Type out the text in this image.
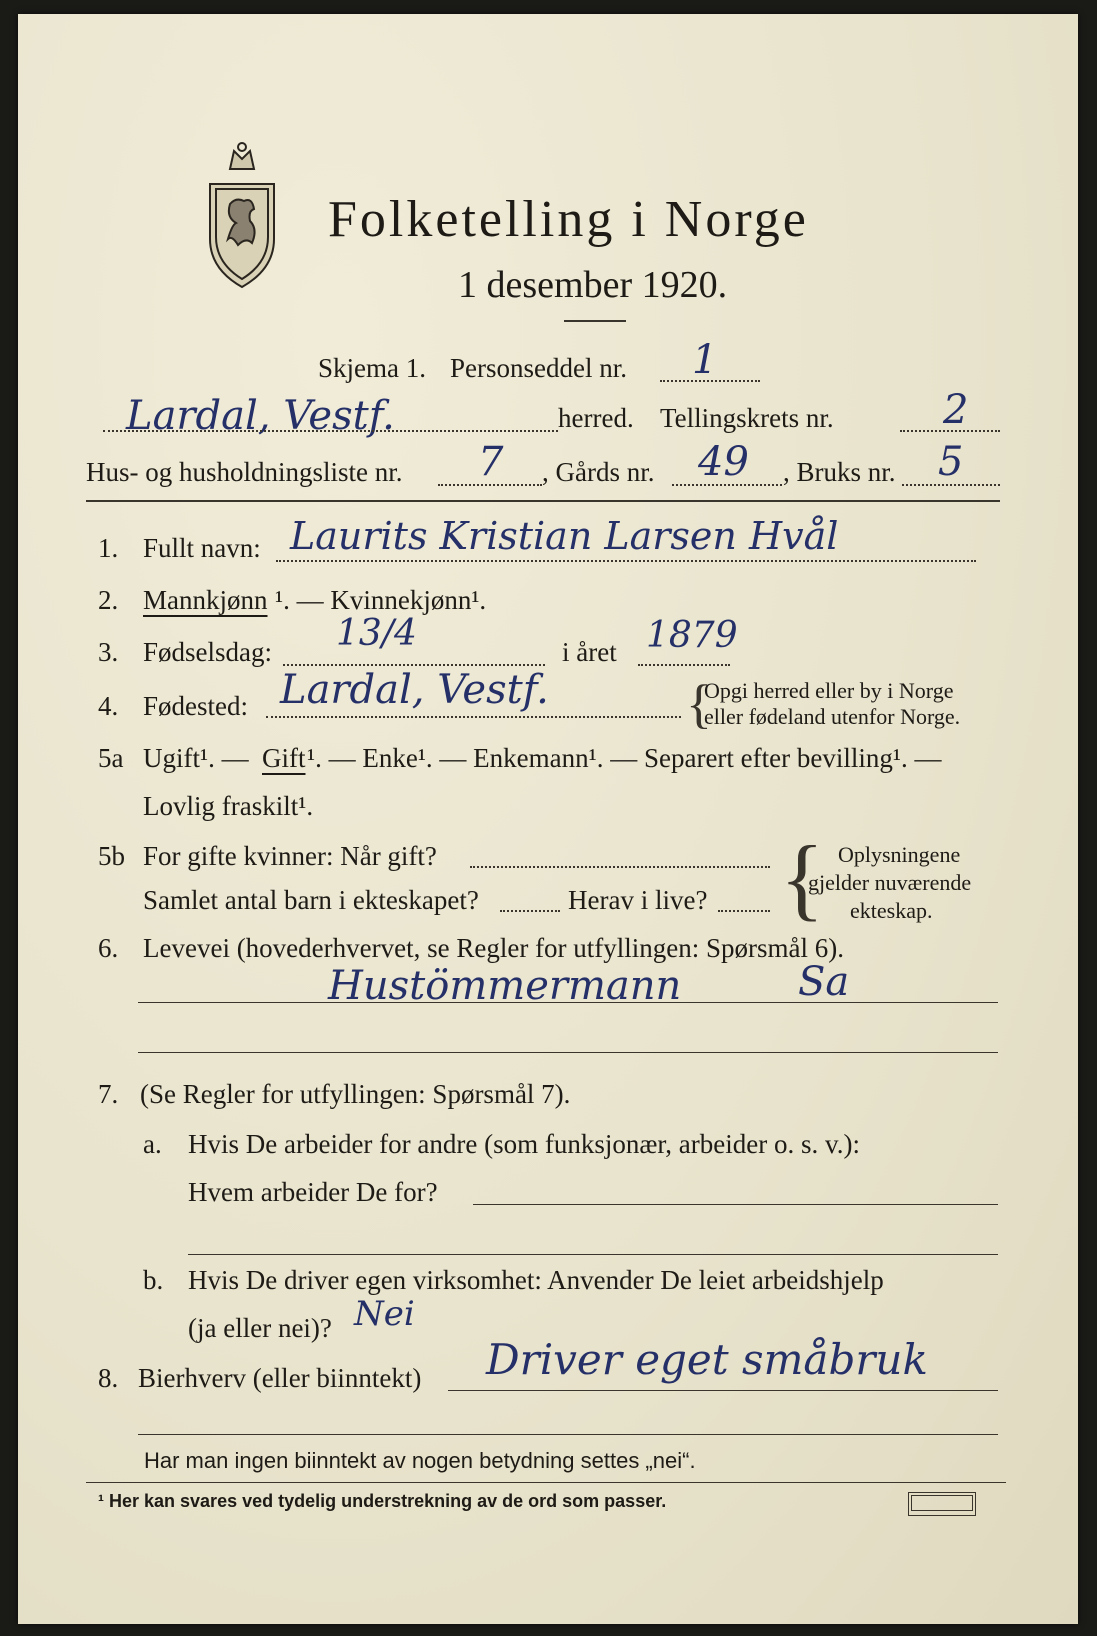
Folketelling i Norge
1 desember 1920.
Skjema 1. Personseddel nr. 1
Lardal, Vestf.	herred. Tellingskrets nr.	2
Hus- og husholdningsliste nr. 7 , Gårds nr. 49 , Bruks nr. 5
1. Fullt navn: Laurits Kristian Larsen Hvål
2. Mannkjønn ¹. — Kvinnekjønn¹.
3. Fødselsdag: 13/4	i året 1879
4. Fødested: Lardal, Vestf.	{
Opgi herred eller by i Norge
eller fødeland utenfor Norge.
5a Ugift¹. — Gift ¹. — Enke¹. — Enkemann¹. — Separert efter bevilling¹. —
Lovlig fraskilt¹.
5b For gifte kvinner: Når gift?
Samlet antal barn i ekteskapet?	Herav i live? { Oplysningene
gjelder nuværende
ekteskap.
6. Levevei (hovederhvervet, se Regler for utfyllingen: Spørsmål 6).
Hustömmermann	Sa
7. (Se Regler for utfyllingen: Spørsmål 7).
a. Hvis De arbeider for andre (som funksjonær, arbeider o. s. v.):
Hvem arbeider De for?
b. Hvis De driver egen virksomhet: Anvender De leiet arbeidshjelp
(ja eller nei)? Nei
8. Bierhverv (eller biinntekt) Driver eget småbruk
Har man ingen biinntekt av nogen betydning settes „nei“.
¹ Her kan svares ved tydelig understrekning av de ord som passer.
